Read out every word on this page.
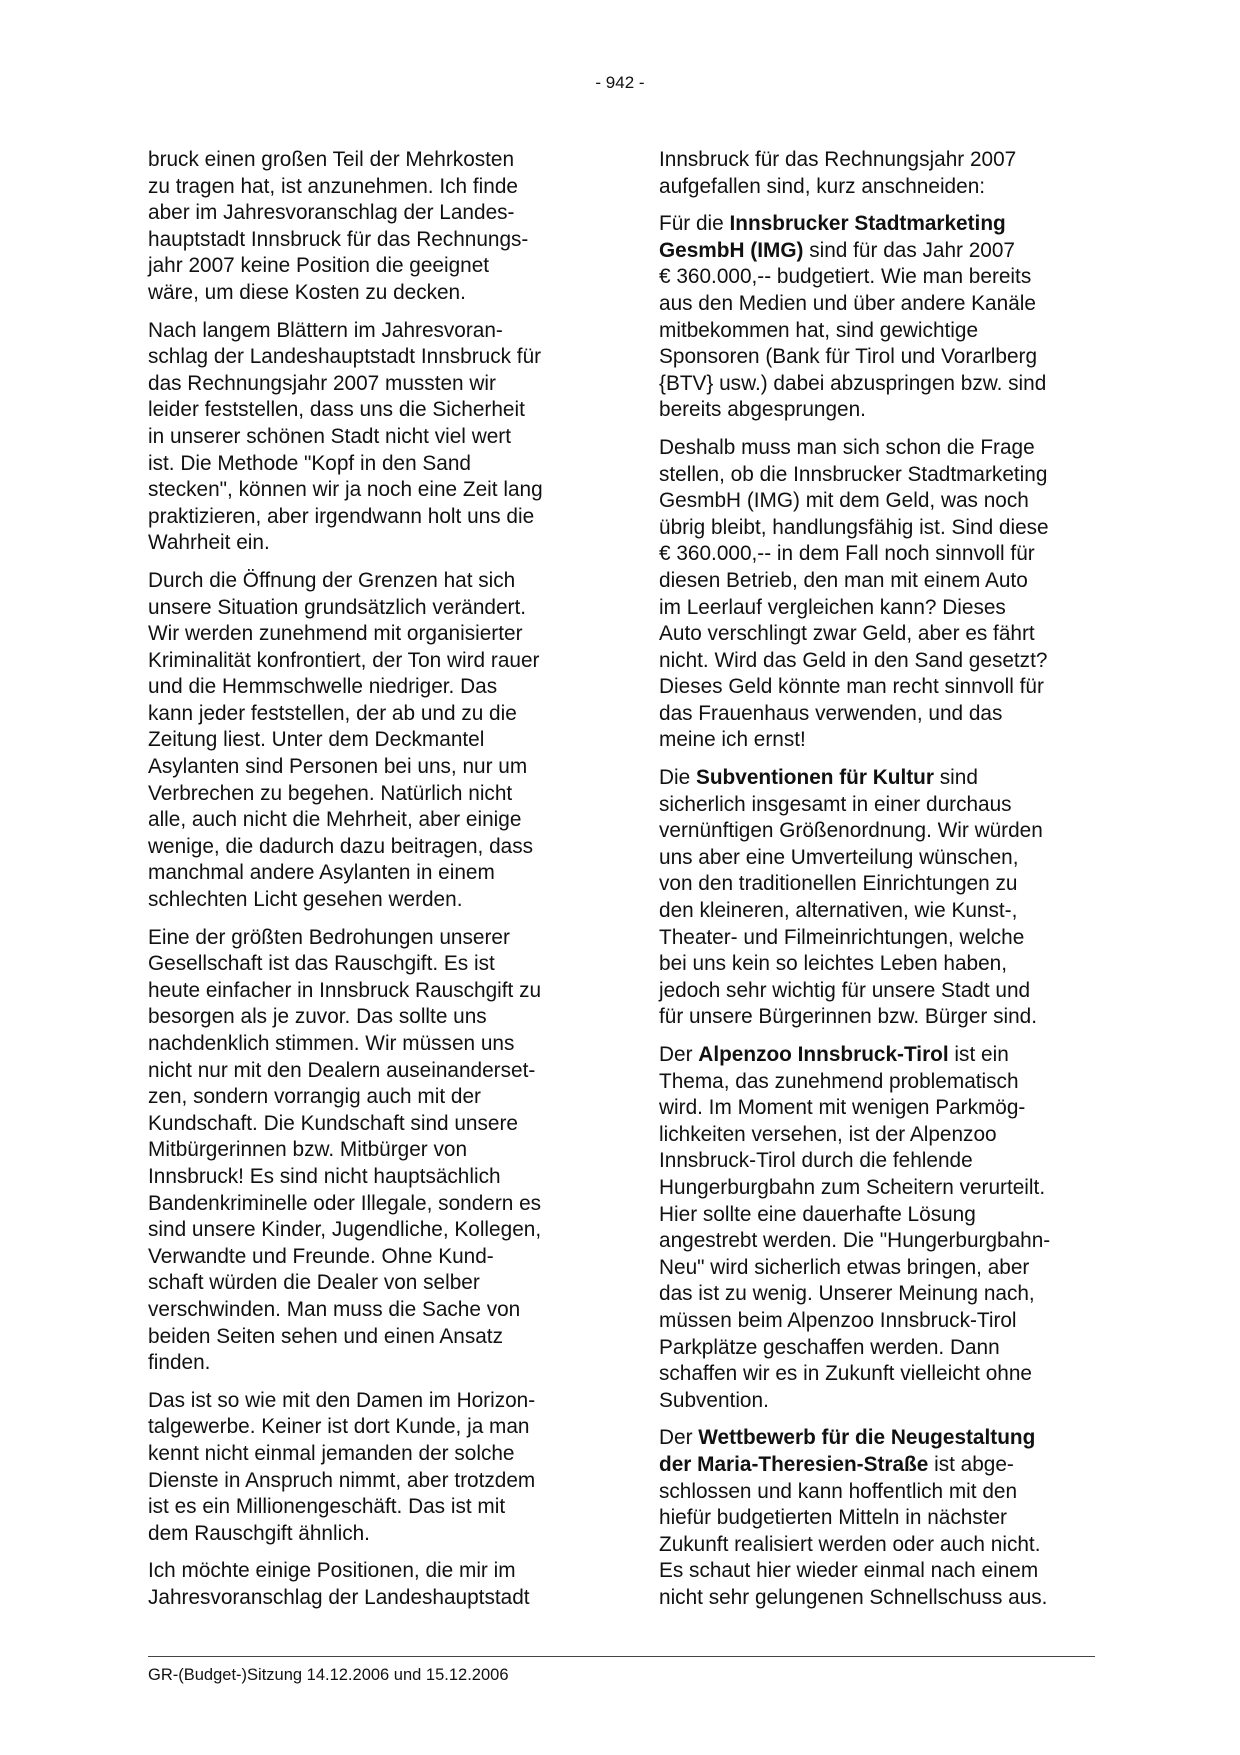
- 942 -

bruck einen großen Teil der Mehrkosten
zu tragen hat, ist anzunehmen. Ich finde
aber im Jahresvoranschlag der Landes-
hauptstadt Innsbruck für das Rechnungs-
jahr 2007 keine Position die geeignet
wäre, um diese Kosten zu decken.

Nach langem Blättern im Jahresvoran-
schlag der Landeshauptstadt Innsbruck für
das Rechnungsjahr 2007 mussten wir
leider feststellen, dass uns die Sicherheit
in unserer schönen Stadt nicht viel wert
ist. Die Methode "Kopf in den Sand
stecken", können wir ja noch eine Zeit lang
praktizieren, aber irgendwann holt uns die
Wahrheit ein.

Durch die Öffnung der Grenzen hat sich
unsere Situation grundsätzlich verändert.
Wir werden zunehmend mit organisierter
Kriminalität konfrontiert, der Ton wird rauer
und die Hemmschwelle niedriger. Das
kann jeder feststellen, der ab und zu die
Zeitung liest. Unter dem Deckmantel
Asylanten sind Personen bei uns, nur um
Verbrechen zu begehen. Natürlich nicht
alle, auch nicht die Mehrheit, aber einige
wenige, die dadurch dazu beitragen, dass
manchmal andere Asylanten in einem
schlechten Licht gesehen werden.

Eine der größten Bedrohungen unserer
Gesellschaft ist das Rauschgift. Es ist
heute einfacher in Innsbruck Rauschgift zu
besorgen als je zuvor. Das sollte uns
nachdenklich stimmen. Wir müssen uns
nicht nur mit den Dealern auseinanderset-
zen, sondern vorrangig auch mit der
Kundschaft. Die Kundschaft sind unsere
Mitbürgerinnen bzw. Mitbürger von
Innsbruck! Es sind nicht hauptsächlich
Bandenkriminelle oder Illegale, sondern es
sind unsere Kinder, Jugendliche, Kollegen,
Verwandte und Freunde. Ohne Kund-
schaft würden die Dealer von selber
verschwinden. Man muss die Sache von
beiden Seiten sehen und einen Ansatz
finden.

Das ist so wie mit den Damen im Horizon-
talgewerbe. Keiner ist dort Kunde, ja man
kennt nicht einmal jemanden der solche
Dienste in Anspruch nimmt, aber trotzdem
ist es ein Millionengeschäft. Das ist mit
dem Rauschgift ähnlich.

Ich möchte einige Positionen, die mir im
Jahresvoranschlag der Landeshauptstadt

Innsbruck für das Rechnungsjahr 2007
aufgefallen sind, kurz anschneiden:

Für die Innsbrucker Stadtmarketing
GesmbH (IMG) sind für das Jahr 2007
€ 360.000,-- budgetiert. Wie man bereits
aus den Medien und über andere Kanäle
mitbekommen hat, sind gewichtige
Sponsoren (Bank für Tirol und Vorarlberg
{BTV} usw.) dabei abzuspringen bzw. sind
bereits abgesprungen.

Deshalb muss man sich schon die Frage
stellen, ob die Innsbrucker Stadtmarketing
GesmbH (IMG) mit dem Geld, was noch
übrig bleibt, handlungsfähig ist. Sind diese
€ 360.000,-- in dem Fall noch sinnvoll für
diesen Betrieb, den man mit einem Auto
im Leerlauf vergleichen kann? Dieses
Auto verschlingt zwar Geld, aber es fährt
nicht. Wird das Geld in den Sand gesetzt?
Dieses Geld könnte man recht sinnvoll für
das Frauenhaus verwenden, und das
meine ich ernst!

Die Subventionen für Kultur sind
sicherlich insgesamt in einer durchaus
vernünftigen Größenordnung. Wir würden
uns aber eine Umverteilung wünschen,
von den traditionellen Einrichtungen zu
den kleineren, alternativen, wie Kunst-,
Theater- und Filmeinrichtungen, welche
bei uns kein so leichtes Leben haben,
jedoch sehr wichtig für unsere Stadt und
für unsere Bürgerinnen bzw. Bürger sind.

Der Alpenzoo Innsbruck-Tirol ist ein
Thema, das zunehmend problematisch
wird. Im Moment mit wenigen Parkmög-
lichkeiten versehen, ist der Alpenzoo
Innsbruck-Tirol durch die fehlende
Hungerburgbahn zum Scheitern verurteilt.
Hier sollte eine dauerhafte Lösung
angestrebt werden. Die "Hungerburgbahn-
Neu" wird sicherlich etwas bringen, aber
das ist zu wenig. Unserer Meinung nach,
müssen beim Alpenzoo Innsbruck-Tirol
Parkplätze geschaffen werden. Dann
schaffen wir es in Zukunft vielleicht ohne
Subvention.

Der Wettbewerb für die Neugestaltung
der Maria-Theresien-Straße ist abge-
schlossen und kann hoffentlich mit den
hiefür budgetierten Mitteln in nächster
Zukunft realisiert werden oder auch nicht.
Es schaut hier wieder einmal nach einem
nicht sehr gelungenen Schnellschuss aus.

GR-(Budget-)Sitzung 14.12.2006 und 15.12.2006
